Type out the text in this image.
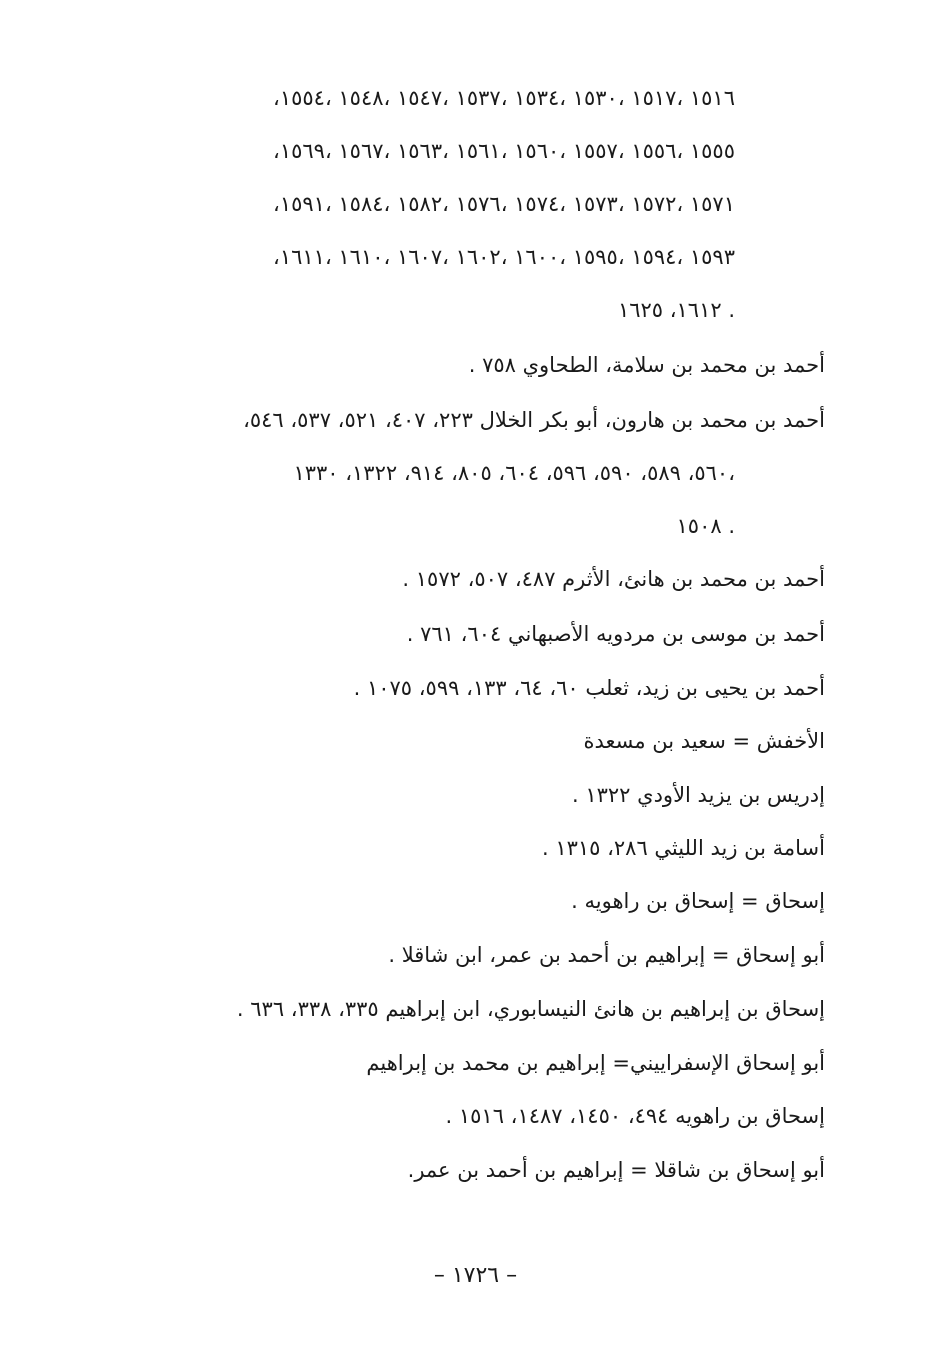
،١٥١٦ ،١٥١٧ ،١٥٣٠ ،١٥٣٤ ،١٥٣٧ ،١٥٤٧ ،١٥٤٨ ،١٥٥٤
،١٥٥٥ ،١٥٥٦ ،١٥٥٧ ،١٥٦٠ ،١٥٦١ ،١٥٦٣ ،١٥٦٧ ،١٥٦٩
،١٥٧١ ،١٥٧٢ ،١٥٧٣ ،١٥٧٤ ،١٥٧٦ ،١٥٨٢ ،١٥٨٤ ،١٥٩١
،١٥٩٣ ،١٥٩٤ ،١٥٩٥ ،١٦٠٠ ،١٦٠٢ ،١٦٠٧ ،١٦١٠ ،١٦١١
١٦١٢، ١٦٢٥ .
أحمد بن محمد بن سلامة، الطحاوي ٧٥٨ .
أحمد بن محمد بن هارون، أبو بكر الخلال ٢٢٣، ٤٠٧، ٥٢١، ٥٣٧، ٥٤٦،
٥٦٠، ٥٨٩، ٥٩٠، ٥٩٦، ٦٠٤، ٨٠٥، ٩١٤، ١٣٢٢، ١٣٣٠،
١٥٠٨ .
أحمد بن محمد بن هانئ، الأثرم ٤٨٧، ٥٠٧، ١٥٧٢ .
أحمد بن موسى بن مردويه الأصبهاني ٦٠٤، ٧٦١ .
أحمد بن يحيى بن زيد، ثعلب ٦٠، ٦٤، ١٣٣، ٥٩٩، ١٠٧٥ .
الأخفش = سعيد بن مسعدة
إدريس بن يزيد الأودي ١٣٢٢ .
أسامة بن زيد الليثي ٢٨٦، ١٣١٥ .
إسحاق = إسحاق بن راهويه .
أبو إسحاق = إبراهيم بن أحمد بن عمر، ابن شاقلا .
إسحاق بن إبراهيم بن هانئ النيسابوري، ابن إبراهيم ٣٣٥، ٣٣٨، ٦٣٦ .
أبو إسحاق الإسفراييني= إبراهيم بن محمد بن إبراهيم
إسحاق بن راهويه ٤٩٤، ١٤٥٠، ١٤٨٧، ١٥١٦ .
أبو إسحاق بن شاقلا = إبراهيم بن أحمد بن عمر.
– ١٧٢٦ –
